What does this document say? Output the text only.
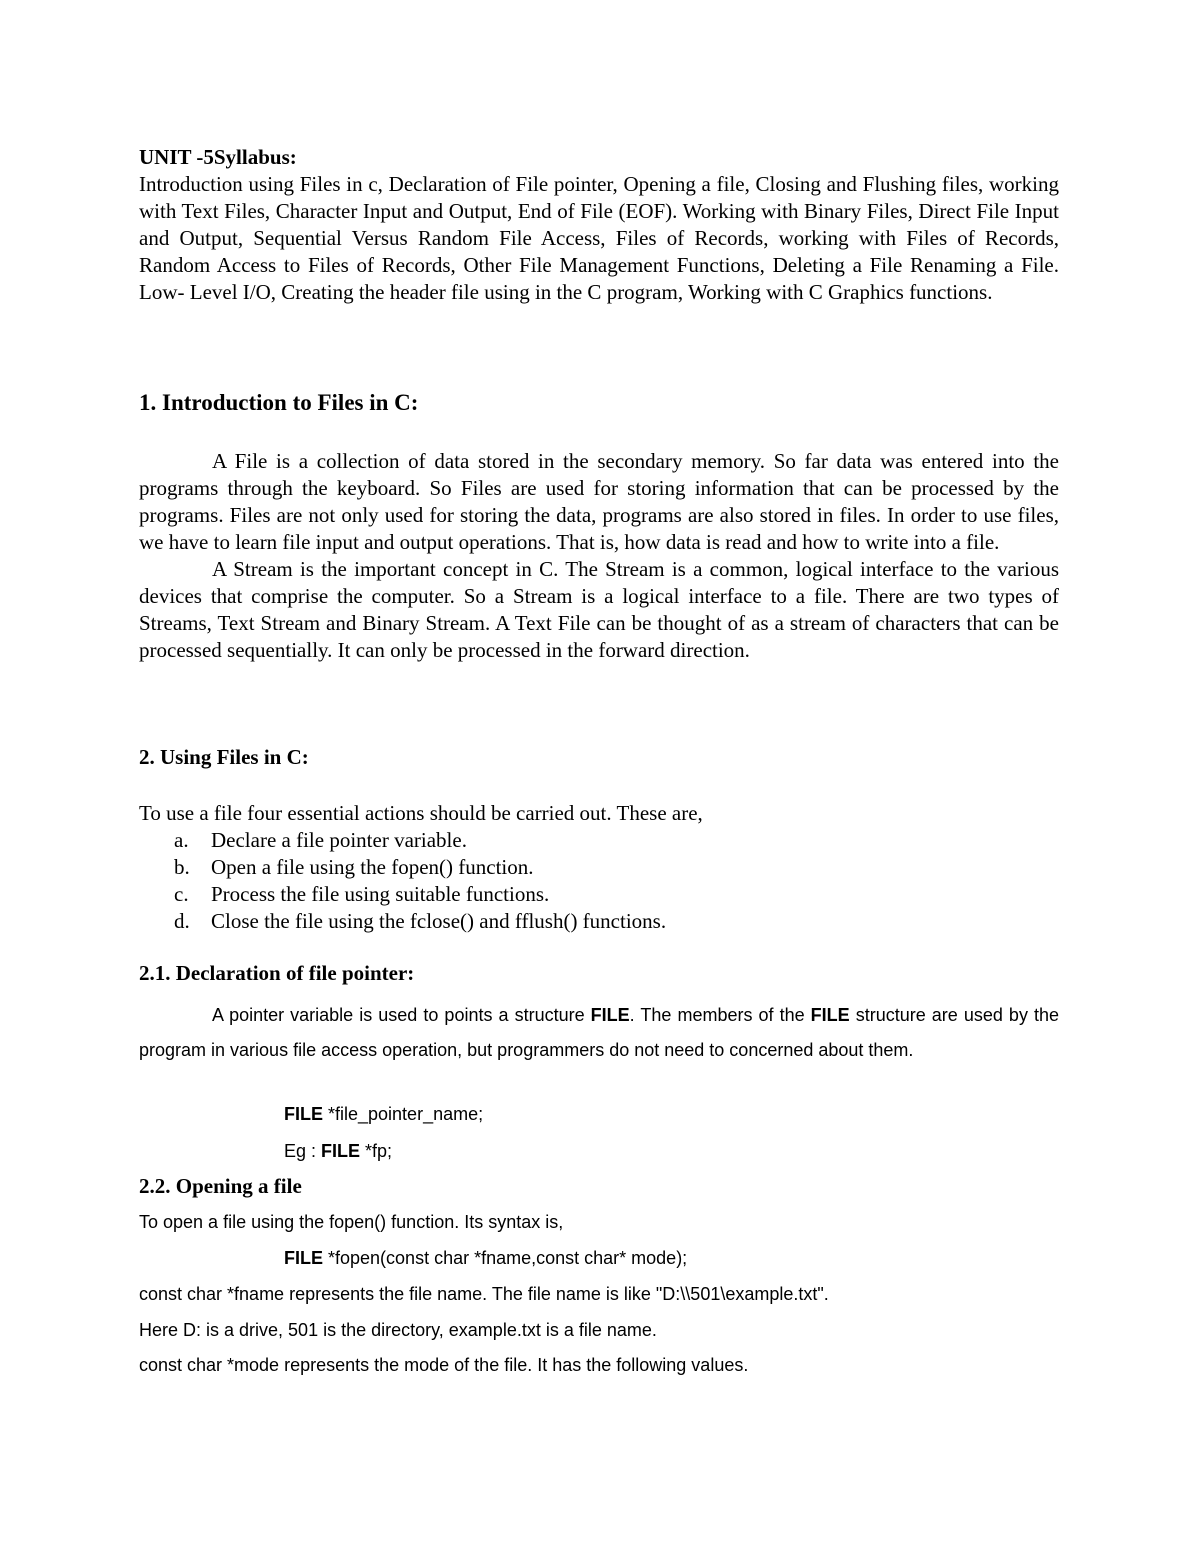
UNIT -5Syllabus:

Introduction using Files in c, Declaration of File pointer, Opening a file, Closing and Flushing files, working with Text Files, Character Input and Output, End of File (EOF). Working with Binary Files, Direct File Input and Output, Sequential Versus Random File Access, Files of Records, working with Files of Records, Random Access to Files of Records, Other File Management Functions, Deleting a File Renaming a File. Low- Level I/O, Creating the header file using in the C program, Working with C Graphics functions.

1. Introduction to Files in C:

A File is a collection of data stored in the secondary memory. So far data was entered into the programs through the keyboard. So Files are used for storing information that can be processed by the programs. Files are not only used for storing the data, programs are also stored in files. In order to use files, we have to learn file input and output operations. That is, how data is read and how to write into a file.

A Stream is the important concept in C. The Stream is a common, logical interface to the various devices that comprise the computer. So a Stream is a logical interface to a file. There are two types of Streams, Text Stream and Binary Stream. A Text File can be thought of as a stream of characters that can be processed sequentially. It can only be processed in the forward direction.

2. Using Files in C:

To use a file four essential actions should be carried out. These are,

a. Declare a file pointer variable.
b. Open a file using the fopen() function.
c. Process the file using suitable functions.
d. Close the file using the fclose() and fflush() functions.
2.1. Declaration of file pointer:
A pointer variable is used to points a structure FILE. The members of the FILE structure are used by the program in various file access operation, but programmers do not need to concerned about them.
FILE *file_pointer_name;
Eg : FILE *fp;
2.2. Opening a file
To open a file using the fopen() function. Its syntax is,
FILE *fopen(const char *fname,const char* mode);
const char *fname represents the file name. The file name is like "D:\\501\example.txt".
Here D: is a drive, 501 is the directory, example.txt is a file name.
const char *mode represents the mode of the file. It has the following values.
